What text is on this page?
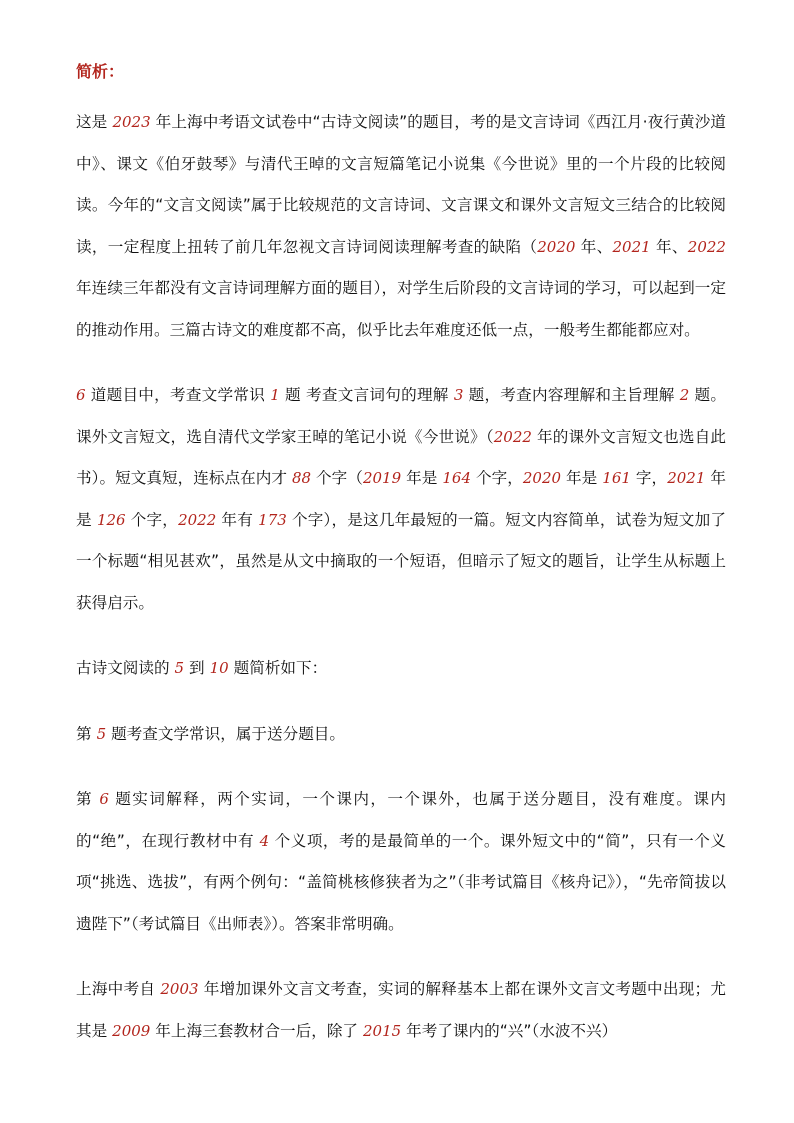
简析：

这是 2023 年上海中考语文试卷中“古诗文阅读”的题目，考的是文言诗词《西江月·夜行黄沙道中》、课文《伯牙鼓琴》与清代王晫的文言短篇笔记小说集《今世说》里的一个片段的比较阅读。今年的“文言文阅读”属于比较规范的文言诗词、文言课文和课外文言短文三结合的比较阅读，一定程度上扭转了前几年忽视文言诗词阅读理解考查的缺陷（2020 年、2021 年、2022 年连续三年都没有文言诗词理解方面的题目），对学生后阶段的文言诗词的学习，可以起到一定的推动作用。三篇古诗文的难度都不高，似乎比去年难度还低一点，一般考生都能都应对。

6 道题目中，考查文学常识 1 题 考查文言词句的理解 3 题，考查内容理解和主旨理解 2 题。课外文言短文，选自清代文学家王晫的笔记小说《今世说》（2022 年的课外文言短文也选自此书）。短文真短，连标点在内才 88 个字（2019 年是 164 个字，2020 年是 161 字，2021 年是 126 个字，2022 年有 173 个字），是这几年最短的一篇。短文内容简单，试卷为短文加了一个标题“相见甚欢”，虽然是从文中摘取的一个短语，但暗示了短文的题旨，让学生从标题上获得启示。

古诗文阅读的 5 到 10 题简析如下：

第 5 题考查文学常识，属于送分题目。

第 6 题实词解释，两个实词，一个课内，一个课外，也属于送分题目，没有难度。课内的“绝”，在现行教材中有 4 个义项，考的是最简单的一个。课外短文中的“简”，只有一个义项“挑选、选拔”，有两个例句：“盖简桃核修狭者为之”（非考试篇目《核舟记》），“先帝简拔以遗陛下”（考试篇目《出师表》）。答案非常明确。

上海中考自 2003 年增加课外文言文考查，实词的解释基本上都在课外文言文考题中出现；尤其是 2009 年上海三套教材合一后，除了 2015 年考了课内的“兴”（水波不兴）
